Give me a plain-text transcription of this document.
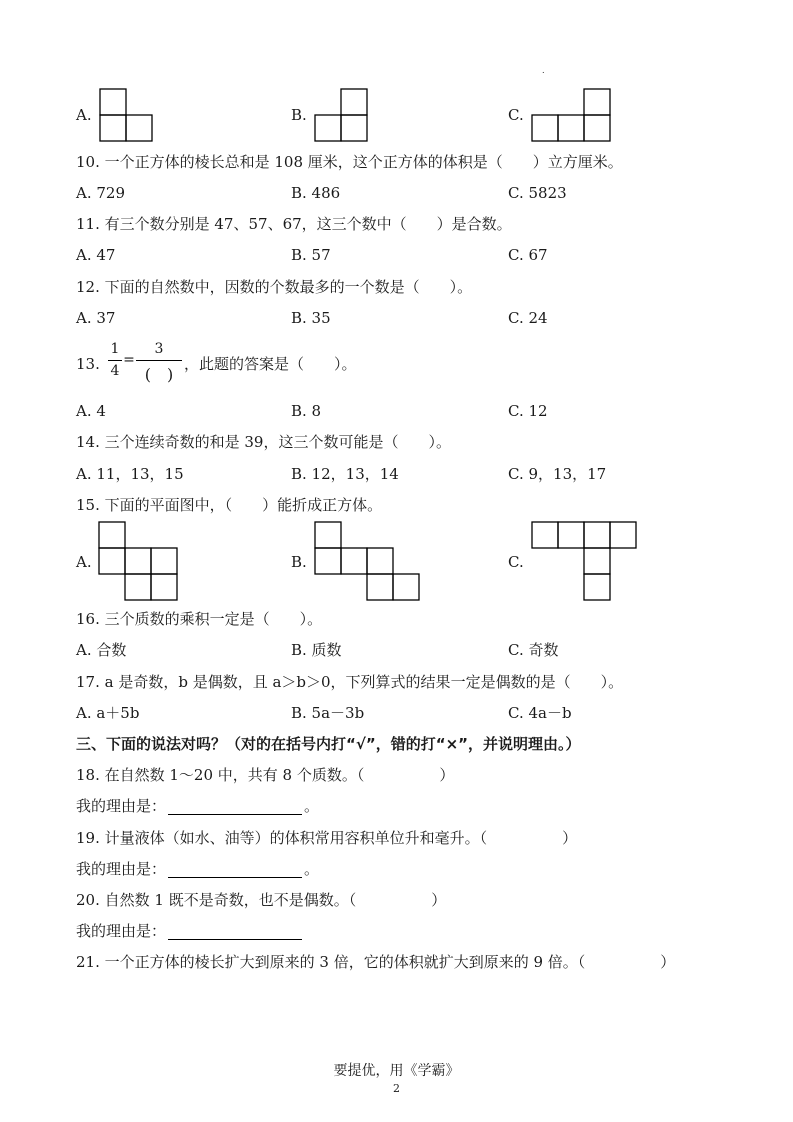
.
A.	B.	C.
10. 一个正方体的棱长总和是 108 厘米，这个正方体的体积是（　　）立方厘米。
A. 729	B. 486	C. 5823
11. 有三个数分别是 47、57、67，这三个数中（　　）是合数。
A. 47	B. 57	C. 67
12. 下面的自然数中，因数的个数最多的一个数是（　　）。
A. 37	B. 35	C. 24
13.
1
4
=
3
(　)
，此题的答案是（　　）。
A. 4	B. 8	C. 12
14. 三个连续奇数的和是 39，这三个数可能是（　　）。
A. 11，13，15	B. 12，13，14	C. 9，13，17
15. 下面的平面图中，（　　）能折成正方体。
A.	B.	C.
16. 三个质数的乘积一定是（　　）。
A. 合数	B. 质数	C. 奇数
17. a 是奇数，b 是偶数，且 a＞b＞0，下列算式的结果一定是偶数的是（　　）。
A. a＋5b	B. 5a－3b	C. 4a－b
三、下面的说法对吗？（对的在括号内打“√”，错的打“×”，并说明理由。）
18. 在自然数 1～20 中，共有 8 个质数。（　　　　　）
我的理由是：	。
19. 计量液体（如水、油等）的体积常用容积单位升和毫升。（　　　　　）
我的理由是：	。
20. 自然数 1 既不是奇数，也不是偶数。（　　　　　）
我的理由是：
21. 一个正方体的棱长扩大到原来的 3 倍，它的体积就扩大到原来的 9 倍。（　　　　　）
要提优，用《学霸》
2
